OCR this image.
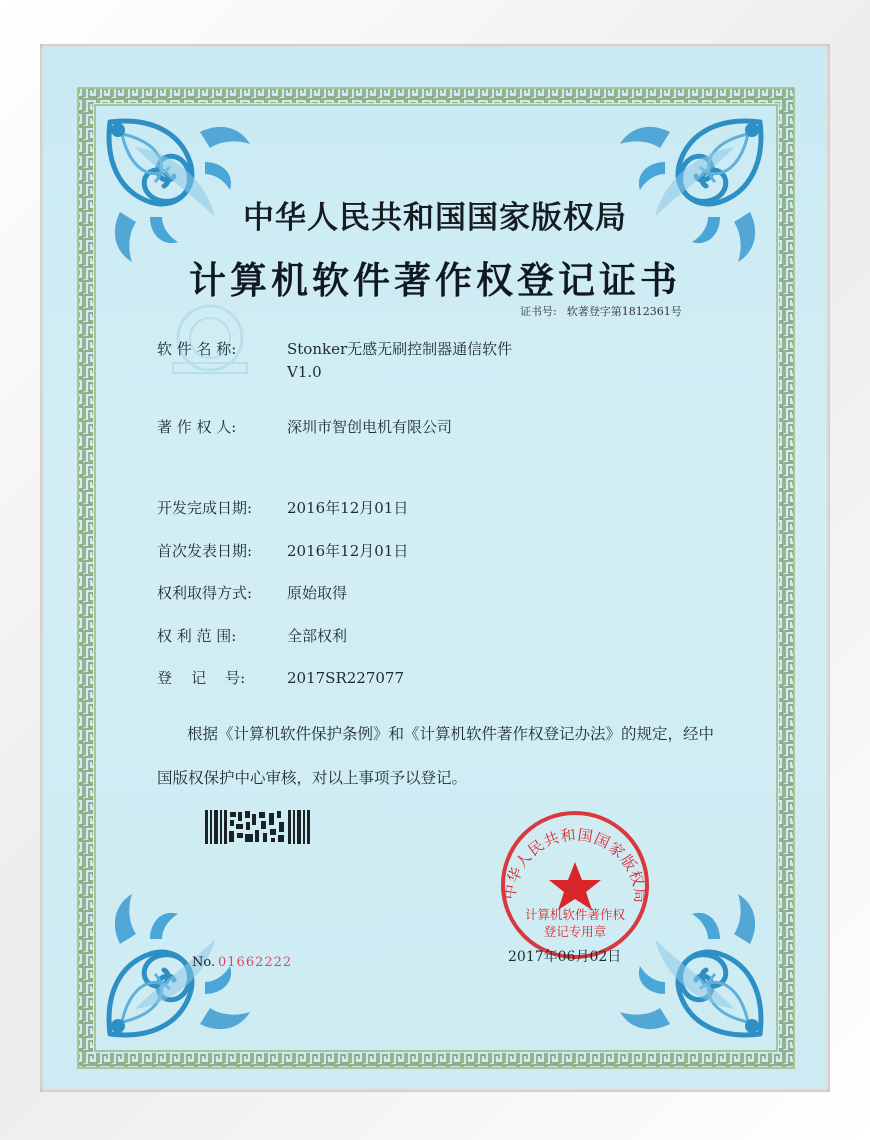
中华人民共和国国家版权局
计算机软件著作权登记证书
证书号: 软著登字第1812361号
软 件 名 称:	Stonker无感无刷控制器通信软件
V1.0
著 作 权 人:	深圳市智创电机有限公司
开发完成日期: 2016年12月01日
首次发表日期: 2016年12月01日
权利取得方式: 原始取得
权 利 范 围:	全部权利
登    记    号:	2017SR227077
根据《计算机软件保护条例》和《计算机软件著作权登记办法》的规定，经中国版权保护中心审核，对以上事项予以登记。
No. 01662222
中华人民共和国国家版权局
计算机软件著作权
登记专用章
2017年06月02日
